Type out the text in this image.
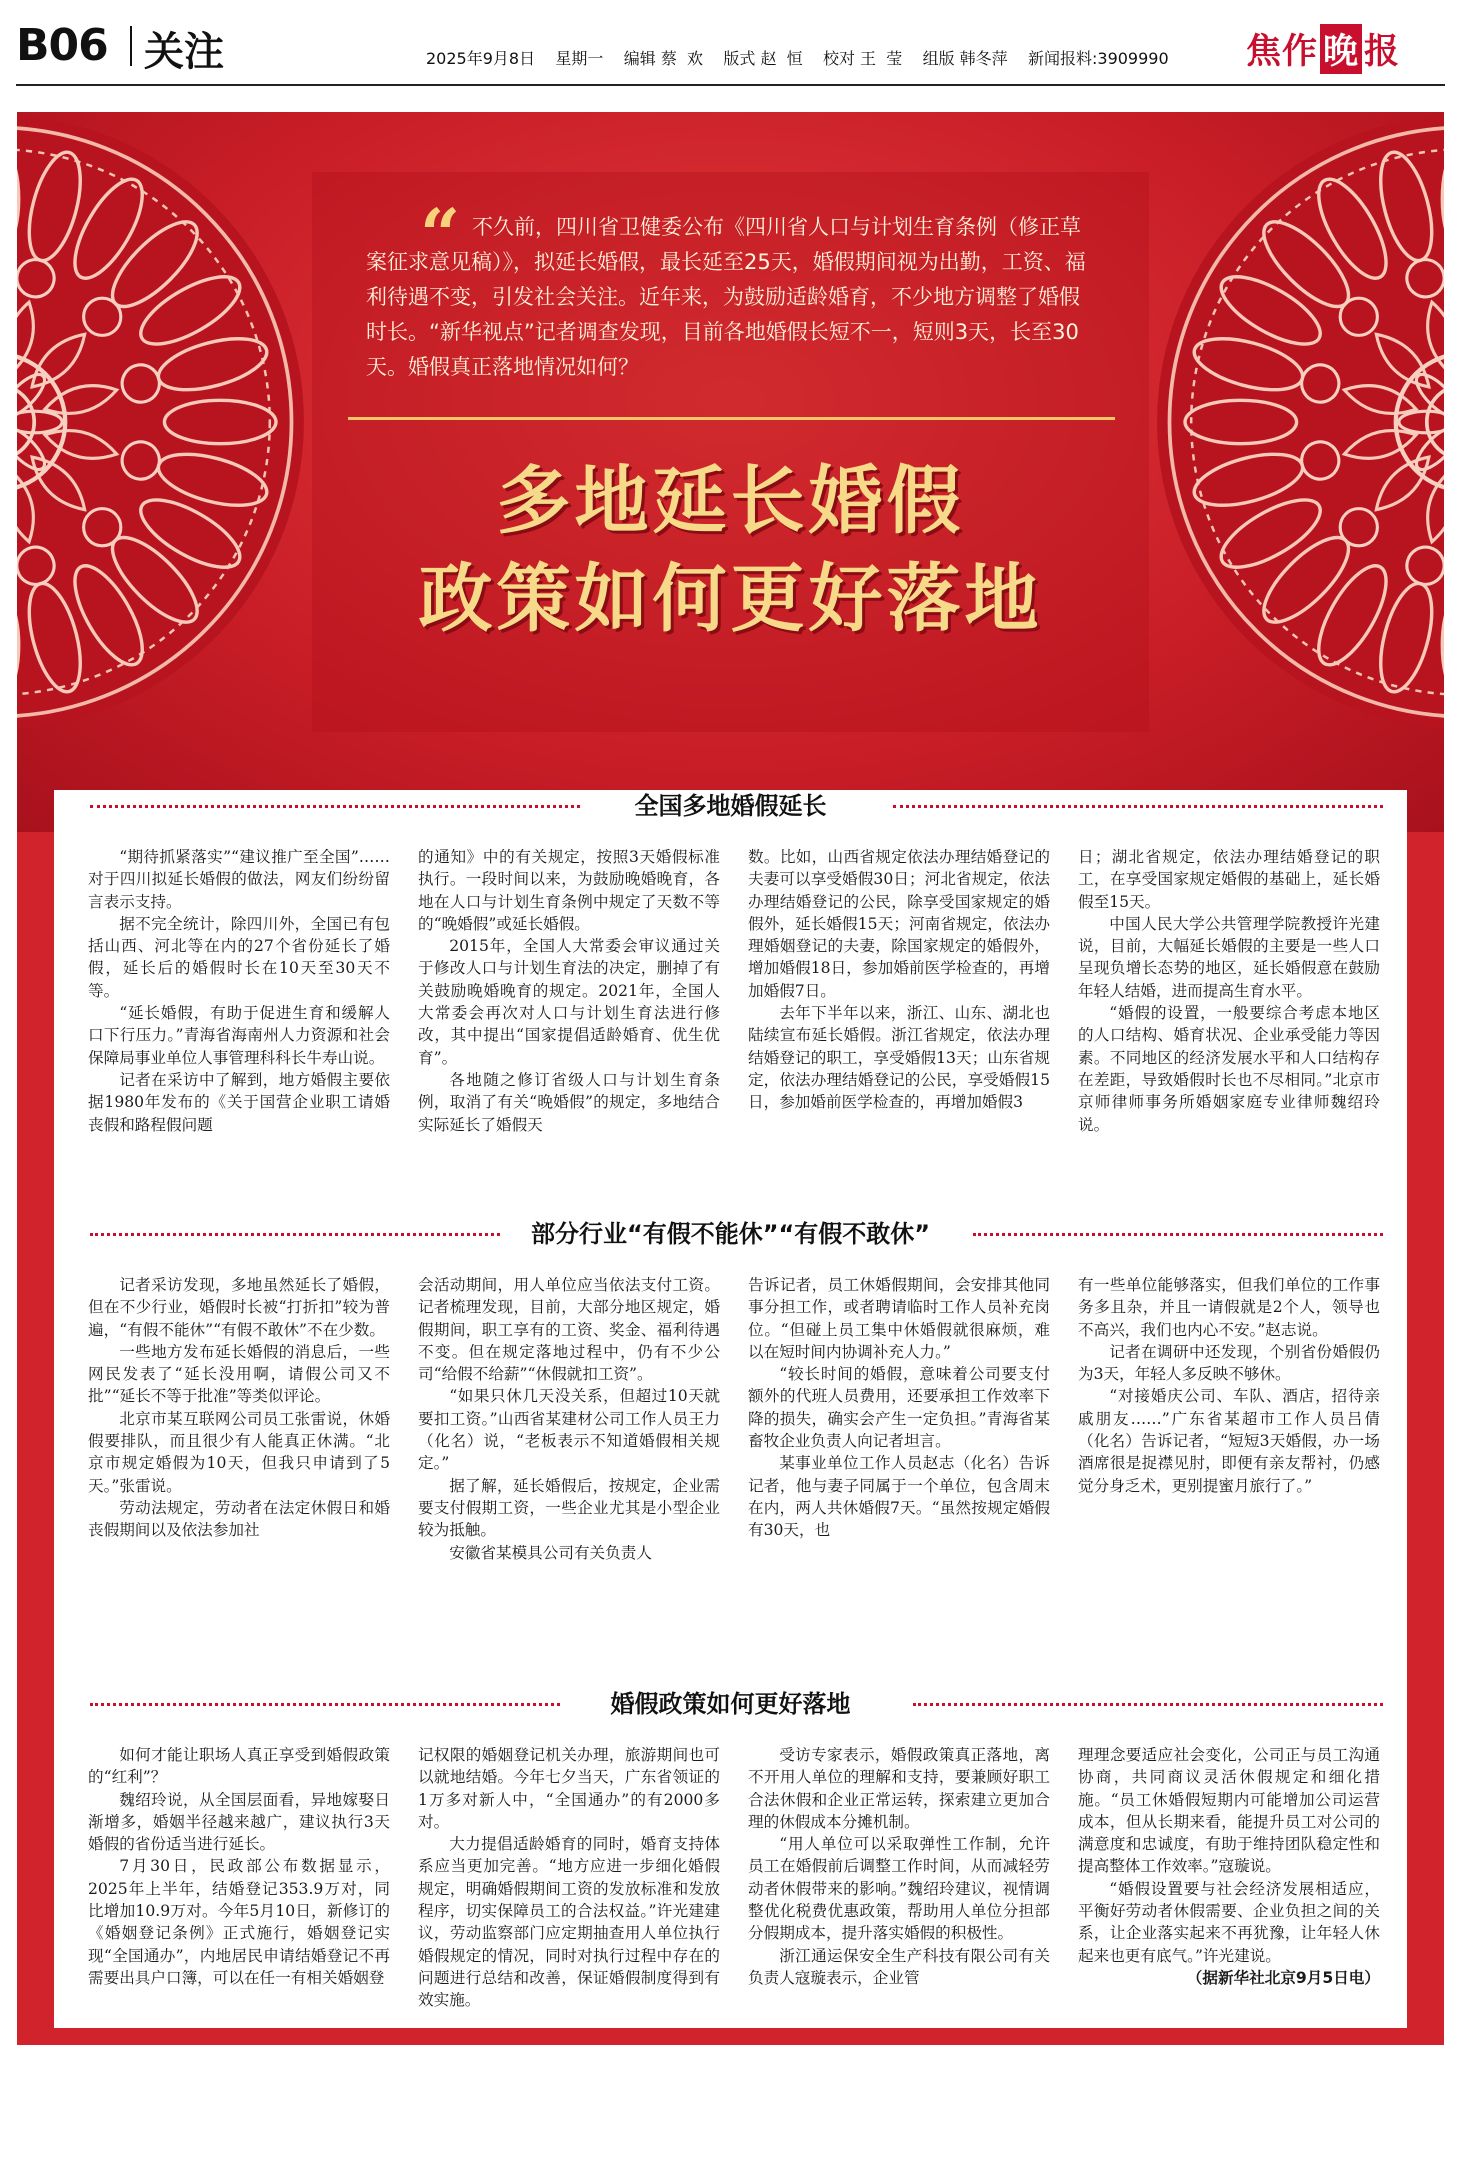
B06 关注	2025年9月8日    星期一    编辑 蔡  欢    版式 赵  恒    校对 王  莹    组版 韩冬萍    新闻报料:3909990 焦作 晚 报
“ 不久前，四川省卫健委公布《四川省人口与计划生育条例（修正草案征求意见稿）》，拟延长婚假，最长延至25天，婚假期间视为出勤，工资、福利待遇不变，引发社会关注。近年来，为鼓励适龄婚育，不少地方调整了婚假时长。“新华视点”记者调查发现，目前各地婚假长短不一，短则3天，长至30天。婚假真正落地情况如何？
多地延长婚假
政策如何更好落地
全国多地婚假延长

“期待抓紧落实”“建议推广至全国”……对于四川拟延长婚假的做法，网友们纷纷留言表示支持。

据不完全统计，除四川外，全国已有包括山西、河北等在内的27个省份延长了婚假，延长后的婚假时长在10天至30天不等。

“延长婚假，有助于促进生育和缓解人口下行压力。”青海省海南州人力资源和社会保障局事业单位人事管理科科长牛寿山说。

记者在采访中了解到，地方婚假主要依据1980年发布的《关于国营企业职工请婚丧假和路程假问题

的通知》中的有关规定，按照3天婚假标准执行。一段时间以来，为鼓励晚婚晚育，各地在人口与计划生育条例中规定了天数不等的“晚婚假”或延长婚假。

2015年，全国人大常委会审议通过关于修改人口与计划生育法的决定，删掉了有关鼓励晚婚晚育的规定。2021年，全国人大常委会再次对人口与计划生育法进行修改，其中提出“国家提倡适龄婚育、优生优育”。

各地随之修订省级人口与计划生育条例，取消了有关“晚婚假”的规定，多地结合实际延长了婚假天

数。比如，山西省规定依法办理结婚登记的夫妻可以享受婚假30日；河北省规定，依法办理结婚登记的公民，除享受国家规定的婚假外，延长婚假15天；河南省规定，依法办理婚姻登记的夫妻，除国家规定的婚假外，增加婚假18日，参加婚前医学检查的，再增加婚假7日。

去年下半年以来，浙江、山东、湖北也陆续宣布延长婚假。浙江省规定，依法办理结婚登记的职工，享受婚假13天；山东省规定，依法办理结婚登记的公民，享受婚假15日，参加婚前医学检查的，再增加婚假3

日；湖北省规定，依法办理结婚登记的职工，在享受国家规定婚假的基础上，延长婚假至15天。

中国人民大学公共管理学院教授许光建说，目前，大幅延长婚假的主要是一些人口呈现负增长态势的地区，延长婚假意在鼓励年轻人结婚，进而提高生育水平。

“婚假的设置，一般要综合考虑本地区的人口结构、婚育状况、企业承受能力等因素。不同地区的经济发展水平和人口结构存在差距，导致婚假时长也不尽相同。”北京市京师律师事务所婚姻家庭专业律师魏绍玲说。

部分行业“有假不能休”“有假不敢休”

记者采访发现，多地虽然延长了婚假，但在不少行业，婚假时长被“打折扣”较为普遍，“有假不能休”“有假不敢休”不在少数。

一些地方发布延长婚假的消息后，一些网民发表了“延长没用啊，请假公司又不批”“延长不等于批准”等类似评论。

北京市某互联网公司员工张雷说，休婚假要排队，而且很少有人能真正休满。“北京市规定婚假为10天，但我只申请到了5天。”张雷说。

劳动法规定，劳动者在法定休假日和婚丧假期间以及依法参加社

会活动期间，用人单位应当依法支付工资。记者梳理发现，目前，大部分地区规定，婚假期间，职工享有的工资、奖金、福利待遇不变。但在规定落地过程中，仍有不少公司“给假不给薪”“休假就扣工资”。

“如果只休几天没关系，但超过10天就要扣工资。”山西省某建材公司工作人员王力（化名）说，“老板表示不知道婚假相关规定。”

据了解，延长婚假后，按规定，企业需要支付假期工资，一些企业尤其是小型企业较为抵触。

安徽省某模具公司有关负责人

告诉记者，员工休婚假期间，会安排其他同事分担工作，或者聘请临时工作人员补充岗位。“但碰上员工集中休婚假就很麻烦，难以在短时间内协调补充人力。”

“较长时间的婚假，意味着公司要支付额外的代班人员费用，还要承担工作效率下降的损失，确实会产生一定负担。”青海省某畜牧企业负责人向记者坦言。

某事业单位工作人员赵志（化名）告诉记者，他与妻子同属于一个单位，包含周末在内，两人共休婚假7天。“虽然按规定婚假有30天，也

有一些单位能够落实，但我们单位的工作事务多且杂，并且一请假就是2个人，领导也不高兴，我们也内心不安。”赵志说。

记者在调研中还发现，个别省份婚假仍为3天，年轻人多反映不够休。

“对接婚庆公司、车队、酒店，招待亲戚朋友……”广东省某超市工作人员吕倩（化名）告诉记者，“短短3天婚假，办一场酒席很是捉襟见肘，即便有亲友帮衬，仍感觉分身乏术，更别提蜜月旅行了。”

婚假政策如何更好落地

如何才能让职场人真正享受到婚假政策的“红利”？

魏绍玲说，从全国层面看，异地嫁娶日渐增多，婚姻半径越来越广，建议执行3天婚假的省份适当进行延长。

7月30日，民政部公布数据显示，2025年上半年，结婚登记353.9万对，同比增加10.9万对。今年5月10日，新修订的《婚姻登记条例》正式施行，婚姻登记实现“全国通办”，内地居民申请结婚登记不再需要出具户口簿，可以在任一有相关婚姻登

记权限的婚姻登记机关办理，旅游期间也可以就地结婚。今年七夕当天，广东省领证的1万多对新人中，“全国通办”的有2000多对。

大力提倡适龄婚育的同时，婚育支持体系应当更加完善。“地方应进一步细化婚假规定，明确婚假期间工资的发放标准和发放程序，切实保障员工的合法权益。”许光建建议，劳动监察部门应定期抽查用人单位执行婚假规定的情况，同时对执行过程中存在的问题进行总结和改善，保证婚假制度得到有效实施。

受访专家表示，婚假政策真正落地，离不开用人单位的理解和支持，要兼顾好职工合法休假和企业正常运转，探索建立更加合理的休假成本分摊机制。

“用人单位可以采取弹性工作制，允许员工在婚假前后调整工作时间，从而减轻劳动者休假带来的影响。”魏绍玲建议，视情调整优化税费优惠政策，帮助用人单位分担部分假期成本，提升落实婚假的积极性。

浙江通运保安全生产科技有限公司有关负责人寇璇表示，企业管

理理念要适应社会变化，公司正与员工沟通协商，共同商议灵活休假规定和细化措施。“员工休婚假短期内可能增加公司运营成本，但从长期来看，能提升员工对公司的满意度和忠诚度，有助于维持团队稳定性和提高整体工作效率。”寇璇说。

“婚假设置要与社会经济发展相适应，平衡好劳动者休假需要、企业负担之间的关系，让企业落实起来不再犹豫，让年轻人休起来也更有底气。”许光建说。

（据新华社北京9月5日电）
